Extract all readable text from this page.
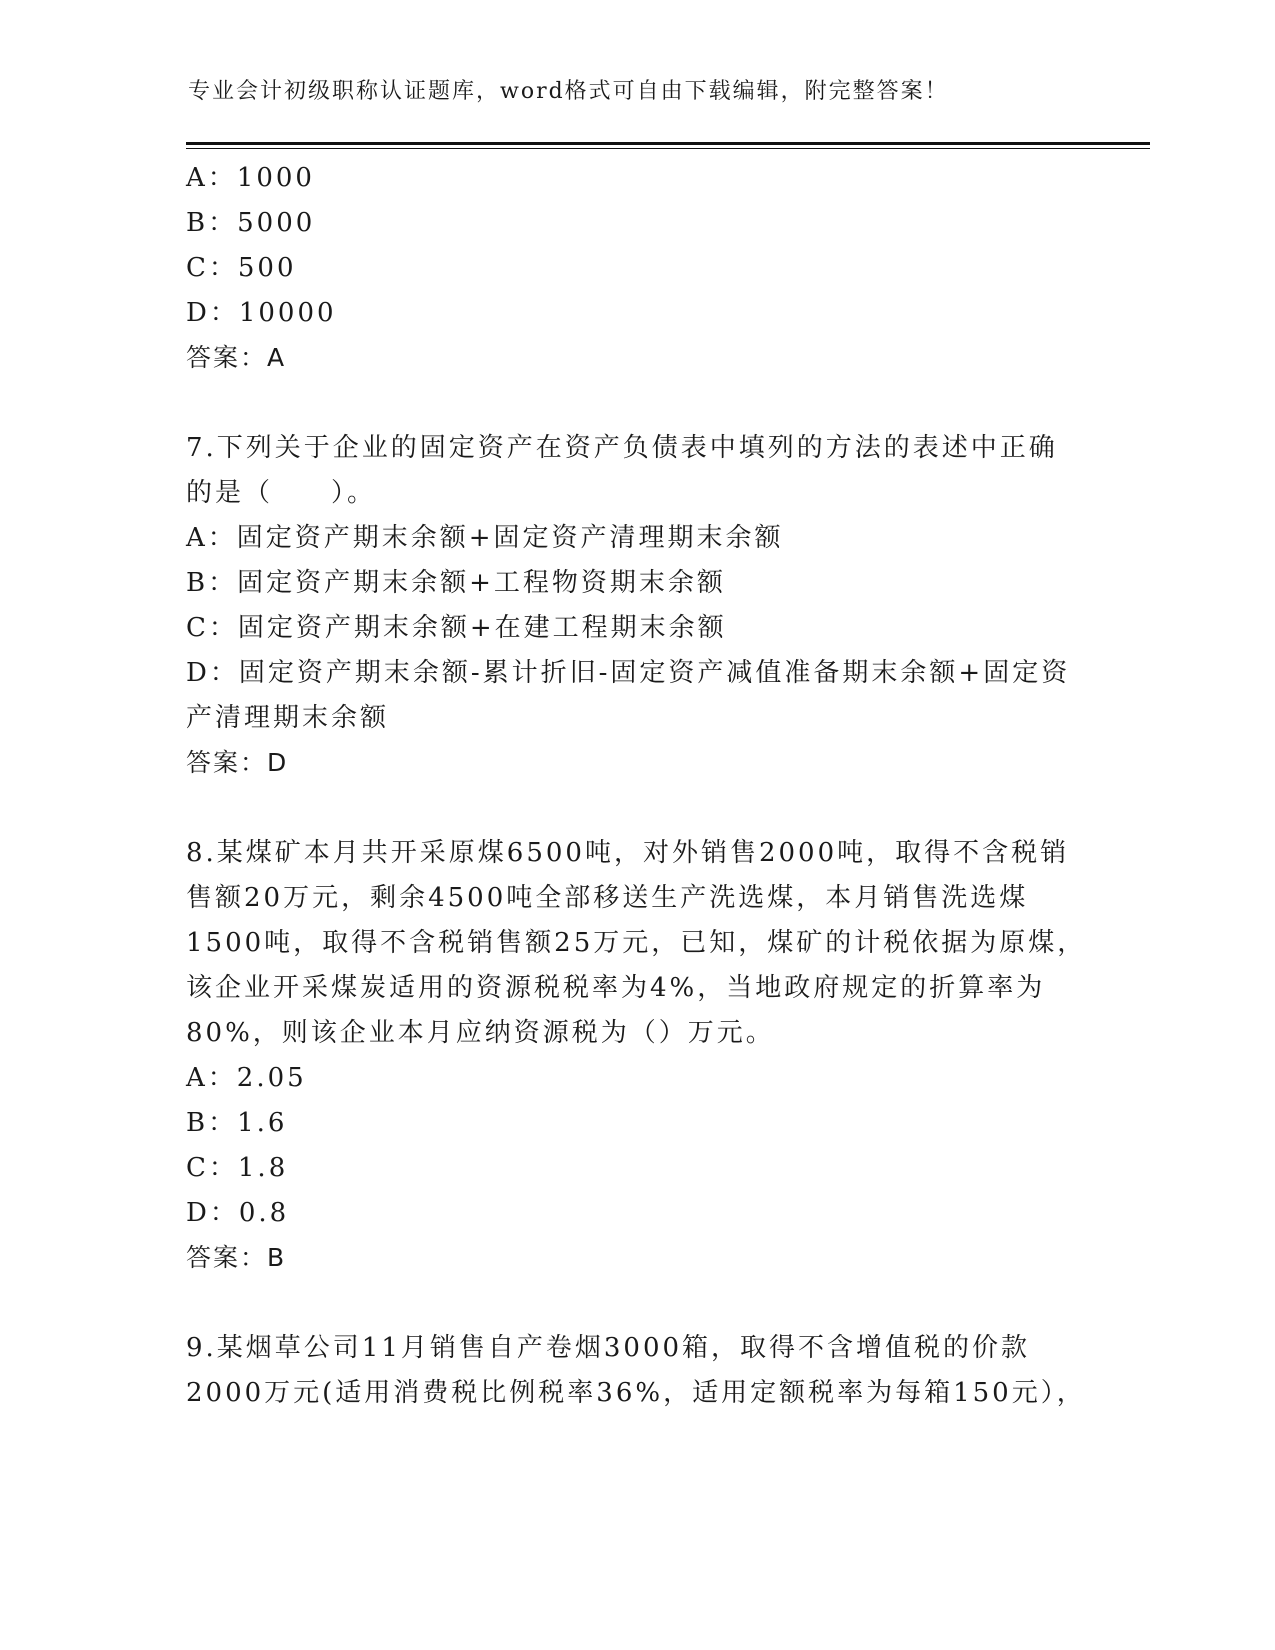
专业会计初级职称认证题库，word格式可自由下载编辑，附完整答案！
A：1000
B：5000
C：500
D：10000
答案：A
7.下列关于企业的固定资产在资产负债表中填列的方法的表述中正确
的是（　　）。
A：固定资产期末余额+固定资产清理期末余额
B：固定资产期末余额+工程物资期末余额
C：固定资产期末余额+在建工程期末余额
D：固定资产期末余额-累计折旧-固定资产减值准备期末余额+固定资
产清理期末余额
答案：D
8.某煤矿本月共开采原煤6500吨，对外销售2000吨，取得不含税销
售额20万元，剩余4500吨全部移送生产洗选煤，本月销售洗选煤
1500吨，取得不含税销售额25万元，已知，煤矿的计税依据为原煤，
该企业开采煤炭适用的资源税税率为4%，当地政府规定的折算率为
80%，则该企业本月应纳资源税为（）万元。
A：2.05
B：1.6
C：1.8
D：0.8
答案：B
9.某烟草公司11月销售自产卷烟3000箱，取得不含增值税的价款
2000万元(适用消费税比例税率36%，适用定额税率为每箱150元），
